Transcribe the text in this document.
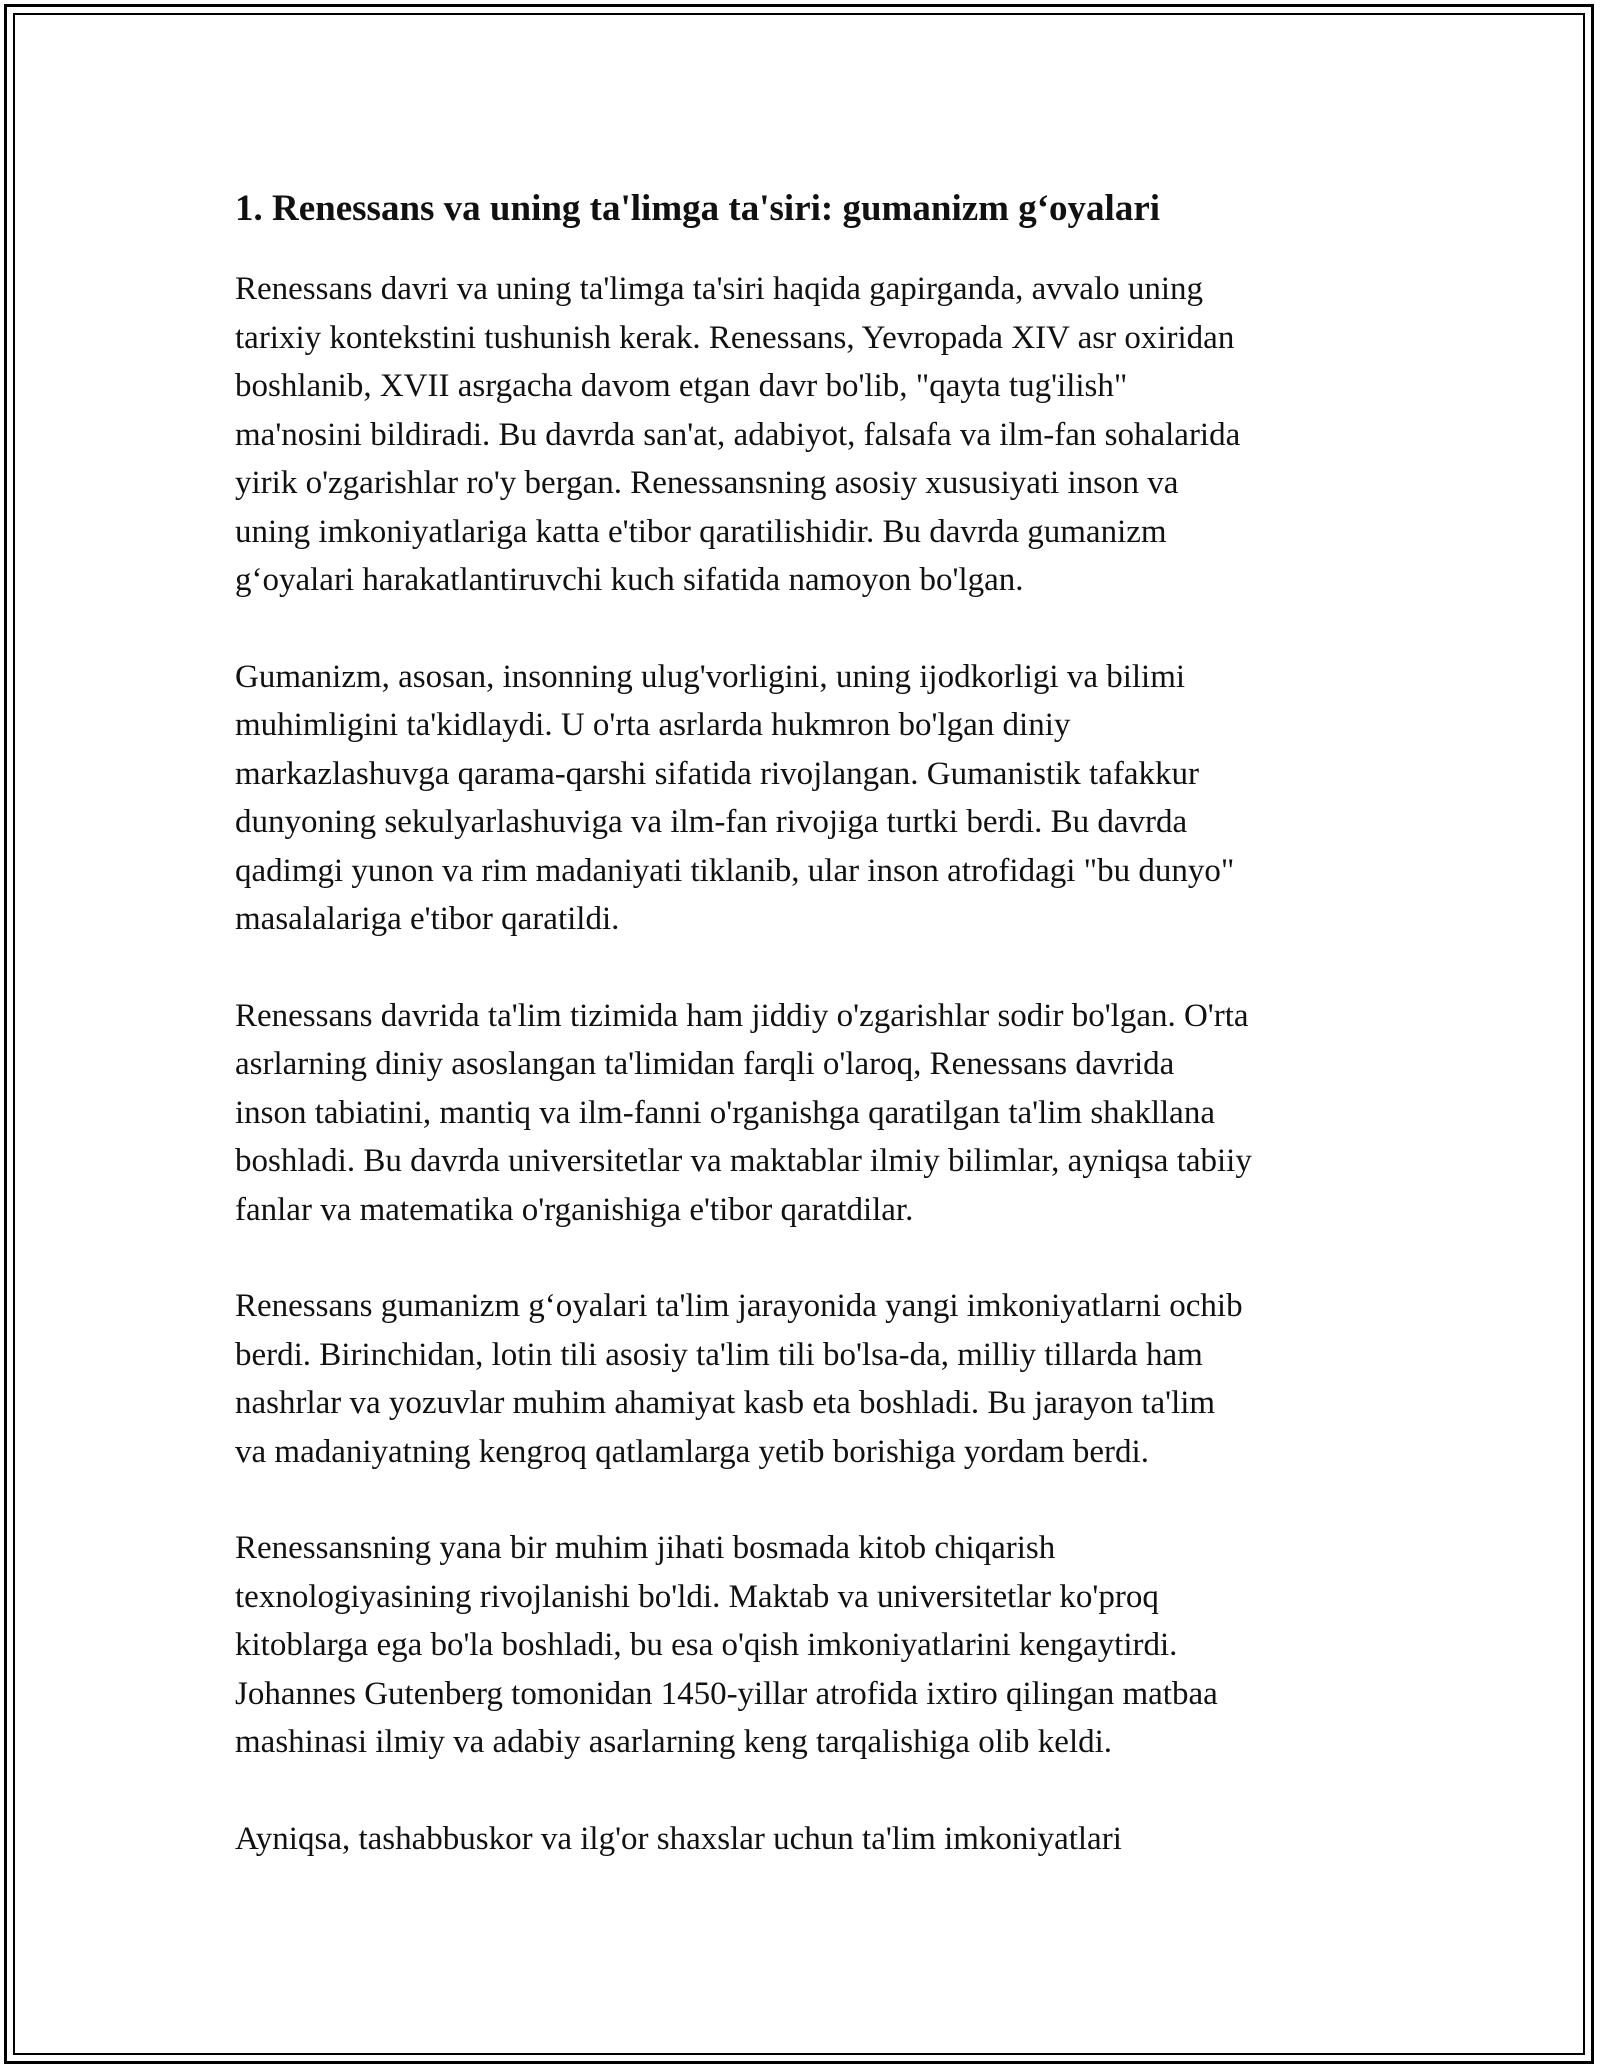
1. Renessans va uning ta'limga ta'siri: gumanizm g‘oyalari

Renessans davri va uning ta'limga ta'siri haqida gapirganda, avvalo uning
tarixiy kontekstini tushunish kerak. Renessans, Yevropada XIV asr oxiridan
boshlanib, XVII asrgacha davom etgan davr bo'lib, "qayta tug'ilish"
ma'nosini bildiradi. Bu davrda san'at, adabiyot, falsafa va ilm-fan sohalarida
yirik o'zgarishlar ro'y bergan. Renessansning asosiy xususiyati inson va
uning imkoniyatlariga katta e'tibor qaratilishidir. Bu davrda gumanizm
g‘oyalari harakatlantiruvchi kuch sifatida namoyon bo'lgan.

Gumanizm, asosan, insonning ulug'vorligini, uning ijodkorligi va bilimi
muhimligini ta'kidlaydi. U o'rta asrlarda hukmron bo'lgan diniy
markazlashuvga qarama-qarshi sifatida rivojlangan. Gumanistik tafakkur
dunyoning sekulyarlashuviga va ilm-fan rivojiga turtki berdi. Bu davrda
qadimgi yunon va rim madaniyati tiklanib, ular inson atrofidagi "bu dunyo"
masalalariga e'tibor qaratildi.

Renessans davrida ta'lim tizimida ham jiddiy o'zgarishlar sodir bo'lgan. O'rta
asrlarning diniy asoslangan ta'limidan farqli o'laroq, Renessans davrida
inson tabiatini, mantiq va ilm-fanni o'rganishga qaratilgan ta'lim shakllana
boshladi. Bu davrda universitetlar va maktablar ilmiy bilimlar, ayniqsa tabiiy
fanlar va matematika o'rganishiga e'tibor qaratdilar.

Renessans gumanizm g‘oyalari ta'lim jarayonida yangi imkoniyatlarni ochib
berdi. Birinchidan, lotin tili asosiy ta'lim tili bo'lsa-da, milliy tillarda ham
nashrlar va yozuvlar muhim ahamiyat kasb eta boshladi. Bu jarayon ta'lim
va madaniyatning kengroq qatlamlarga yetib borishiga yordam berdi.

Renessansning yana bir muhim jihati bosmada kitob chiqarish
texnologiyasining rivojlanishi bo'ldi. Maktab va universitetlar ko'proq
kitoblarga ega bo'la boshladi, bu esa o'qish imkoniyatlarini kengaytirdi.
Johannes Gutenberg tomonidan 1450-yillar atrofida ixtiro qilingan matbaa
mashinasi ilmiy va adabiy asarlarning keng tarqalishiga olib keldi.

Ayniqsa, tashabbuskor va ilg'or shaxslar uchun ta'lim imkoniyatlari
